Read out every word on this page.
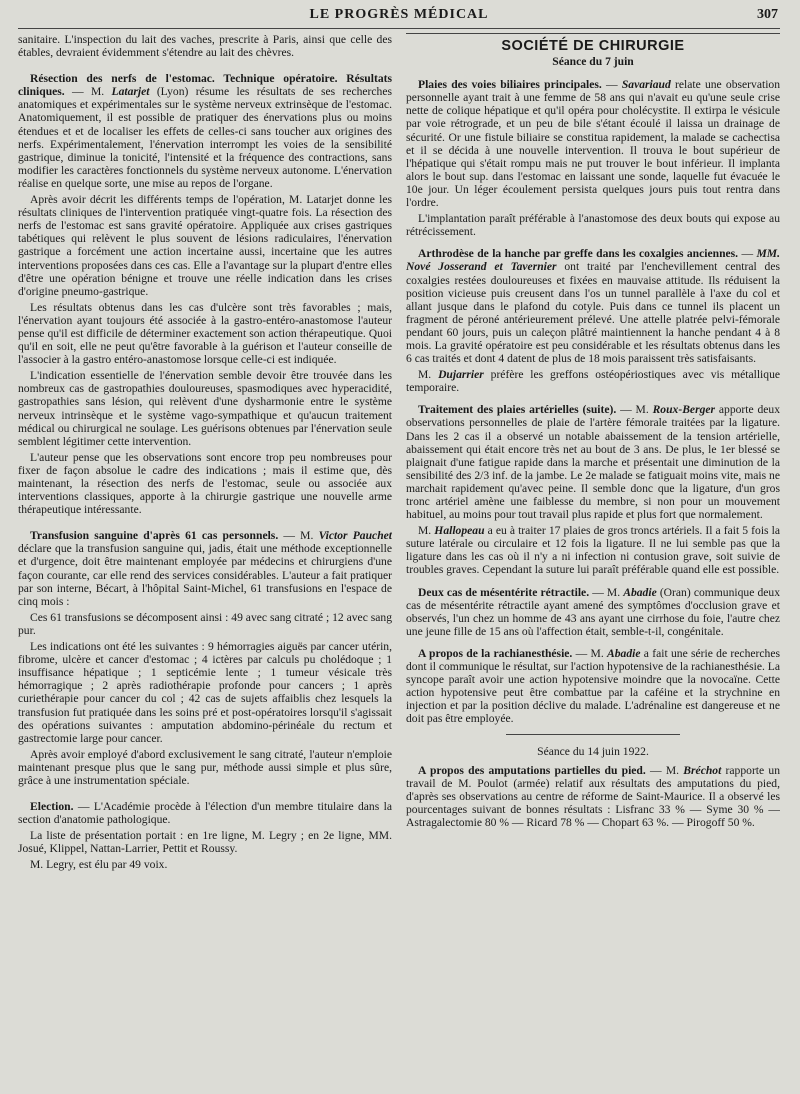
LE PROGRÈS MÉDICAL	307

sanitaire. L'inspection du lait des vaches, prescrite à Paris, ainsi que celle des étables, devraient évidemment s'étendre au lait des chèvres.

Résection des nerfs de l'estomac. Technique opératoire. Résultats cliniques. — M. Latarjet (Lyon) résume les résultats de ses recherches anatomiques et expérimentales sur le système nerveux extrinsèque de l'estomac. Anatomiquement, il est possible de pratiquer des énervations plus ou moins étendues et et de localiser les effets de celles-ci sans toucher aux origines des nerfs. Expérimentalement, l'énervation interrompt les voies de la sensibilité gastrique, diminue la tonicité, l'intensité et la fréquence des contractions, sans modifier les caractères fonctionnels du système nerveux autonome. L'énervation réalise en quelque sorte, une mise au repos de l'organe.

Après avoir décrit les différents temps de l'opération, M. Latarjet donne les résultats cliniques de l'intervention pratiquée vingt-quatre fois. La résection des nerfs de l'estomac est sans gravité opératoire. Appliquée aux crises gastriques tabétiques qui relèvent le plus souvent de lésions radiculaires, l'énervation gastrique a forcément une action incertaine aussi, incertaine que les autres interventions proposées dans ces cas. Elle a l'avantage sur la plupart d'entre elles d'être une opération bénigne et trouve une réelle indication dans les crises d'origine pneumo-gastrique.

Les résultats obtenus dans les cas d'ulcère sont très favorables ; mais, l'énervation ayant toujours été associée à la gastro-entéro-anastomose l'auteur pense qu'il est difficile de déterminer exactement son action thérapeutique. Quoi qu'il en soit, elle ne peut qu'être favorable à la guérison et l'auteur conseille de l'associer à la gastro entéro-anastomose lorsque celle-ci est indiquée.

L'indication essentielle de l'énervation semble devoir être trouvée dans les nombreux cas de gastropathies douloureuses, spasmodiques avec hyperacidité, gastropathies sans lésion, qui relèvent d'une dysharmonie entre le système nerveux intrinsèque et le système vago-sympathique et qu'aucun traitement médical ou chirurgical ne soulage. Les guérisons obtenues par l'énervation seule semblent légitimer cette intervention.

L'auteur pense que les observations sont encore trop peu nombreuses pour fixer de façon absolue le cadre des indications ; mais il estime que, dès maintenant, la résection des nerfs de l'estomac, seule ou associée aux interventions classiques, apporte à la chirurgie gastrique une nouvelle arme thérapeutique intéressante.

Transfusion sanguine d'après 61 cas personnels. — M. Victor Pauchet déclare que la transfusion sanguine qui, jadis, était une méthode exceptionnelle et d'urgence, doit être maintenant employée par médecins et chirurgiens d'une façon courante, car elle rend des services considérables. L'auteur a fait pratiquer par son interne, Bécart, à l'hôpital Saint-Michel, 61 transfusions en l'espace de cinq mois :

Ces 61 transfusions se décomposent ainsi : 49 avec sang citraté ; 12 avec sang pur.

Les indications ont été les suivantes : 9 hémorragies aiguës par cancer utérin, fibrome, ulcère et cancer d'estomac ; 4 ictères par calculs pu cholédoque ; 1 insuffisance hépatique ; 1 septicémie lente ; 1 tumeur vésicale très hémorragique ; 2 après radiothérapie profonde pour cancers ; 1 après curiethérapie pour cancer du col ; 42 cas de sujets affaiblis chez lesquels la transfusion fut pratiquée dans les soins pré et post-opératoires lorsqu'il s'agissait des opérations suivantes : amputation abdomino-périnéale du rectum et gastrectomie large pour cancer.

Après avoir employé d'abord exclusivement le sang citraté, l'auteur n'emploie maintenant presque plus que le sang pur, méthode aussi simple et plus sûre, grâce à une instrumentation spéciale.

Election. — L'Académie procède à l'élection d'un membre titulaire dans la section d'anatomie pathologique.

La liste de présentation portait : en 1re ligne, M. Legry ; en 2e ligne, MM. Josué, Klippel, Nattan-Larrier, Pettit et Roussy.

M. Legry, est élu par 49 voix.

SOCIÉTÉ DE CHIRURGIE
Séance du 7 juin

Plaies des voies biliaires principales. — Savariaud relate une observation personnelle ayant trait à une femme de 58 ans qui n'avait eu qu'une seule crise nette de colique hépatique et qu'il opéra pour cholécystite. Il extirpa le vésicule par voie rétrograde, et un peu de bile s'étant écoulé il laissa un drainage de sécurité. Or une fistule biliaire se constitua rapidement, la malade se cachectisa et il se décida à une nouvelle intervention. Il trouva le bout supérieur de l'hépatique qui s'était rompu mais ne put trouver le bout inférieur. Il implanta alors le bout sup. dans l'estomac en laissant une sonde, laquelle fut évacuée le 10e jour. Un léger écoulement persista quelques jours puis tout rentra dans l'ordre.

L'implantation paraît préférable à l'anastomose des deux bouts qui expose au rétrécissement.

Arthrodèse de la hanche par greffe dans les coxalgies anciennes. — MM. Nové Josserand et Tavernier ont traité par l'enchevillement central des coxalgies restées douloureuses et fixées en mauvaise attitude. Ils réduisent la position vicieuse puis creusent dans l'os un tunnel parallèle à l'axe du col et allant jusque dans le plafond du cotyle. Puis dans ce tunnel ils placent un fragment de péroné antérieurement prélevé. Une attelle platrée pelvi-fémorale pendant 60 jours, puis un caleçon plâtré maintiennent la hanche pendant 4 à 8 mois. La gravité opératoire est peu considérable et les résultats obtenus dans les 6 cas traités et dont 4 datent de plus de 18 mois paraissent très satisfaisants.

M. Dujarrier préfère les greffons ostéopériostiques avec vis métallique temporaire.

Traitement des plaies artérielles (suite). — M. Roux-Berger apporte deux observations personnelles de plaie de l'artère fémorale traitées par la ligature. Dans les 2 cas il a observé un notable abaissement de la tension artérielle, abaissement qui était encore très net au bout de 3 ans. De plus, le 1er blessé se plaignait d'une fatigue rapide dans la marche et présentait une diminution de la sensibilité des 2/3 inf. de la jambe. Le 2e malade se fatiguait moins vite, mais ne marchait rapidement qu'avec peine. Il semble donc que la ligature, d'un gros tronc artériel amène une faiblesse du membre, si non pour un mouvement habituel, au moins pour tout travail plus rapide et plus fort que normalement.

M. Hallopeau a eu à traiter 17 plaies de gros troncs artériels. Il a fait 5 fois la suture latérale ou circulaire et 12 fois la ligature. Il ne lui semble pas que la ligature dans les cas où il n'y a ni infection ni contusion grave, soit suivie de troubles graves. Cependant la suture lui paraît préférable quand elle est possible.

Deux cas de mésentérite rétractile. — M. Abadie (Oran) communique deux cas de mésentérite rétractile ayant amené des symptômes d'occlusion grave et observés, l'un chez un homme de 43 ans ayant une cirrhose du foie, l'autre chez une jeune fille de 15 ans où l'affection était, semble-t-il, congénitale.

A propos de la rachianesthésie. — M. Abadie a fait une série de recherches dont il communique le résultat, sur l'action hypotensive de la rachianesthésie. La syncope paraît avoir une action hypotensive moindre que la novocaïne. Cette action hypotensive peut être combattue par la caféine et la strychnine en injection et par la position déclive du malade. L'adrénaline est dangereuse et ne doit pas être employée.

Séance du 14 juin 1922.

A propos des amputations partielles du pied. — M. Bréchot rapporte un travail de M. Poulot (armée) relatif aux résultats des amputations du pied, d'après ses observations au centre de réforme de Saint-Maurice. Il a observé les pourcentages suivant de bonnes résultats : Lisfranc 33 % — Syme 30 % — Astragalectomie 80 % — Ricard 78 % — Chopart 63 %. — Pirogoff 50 %.
